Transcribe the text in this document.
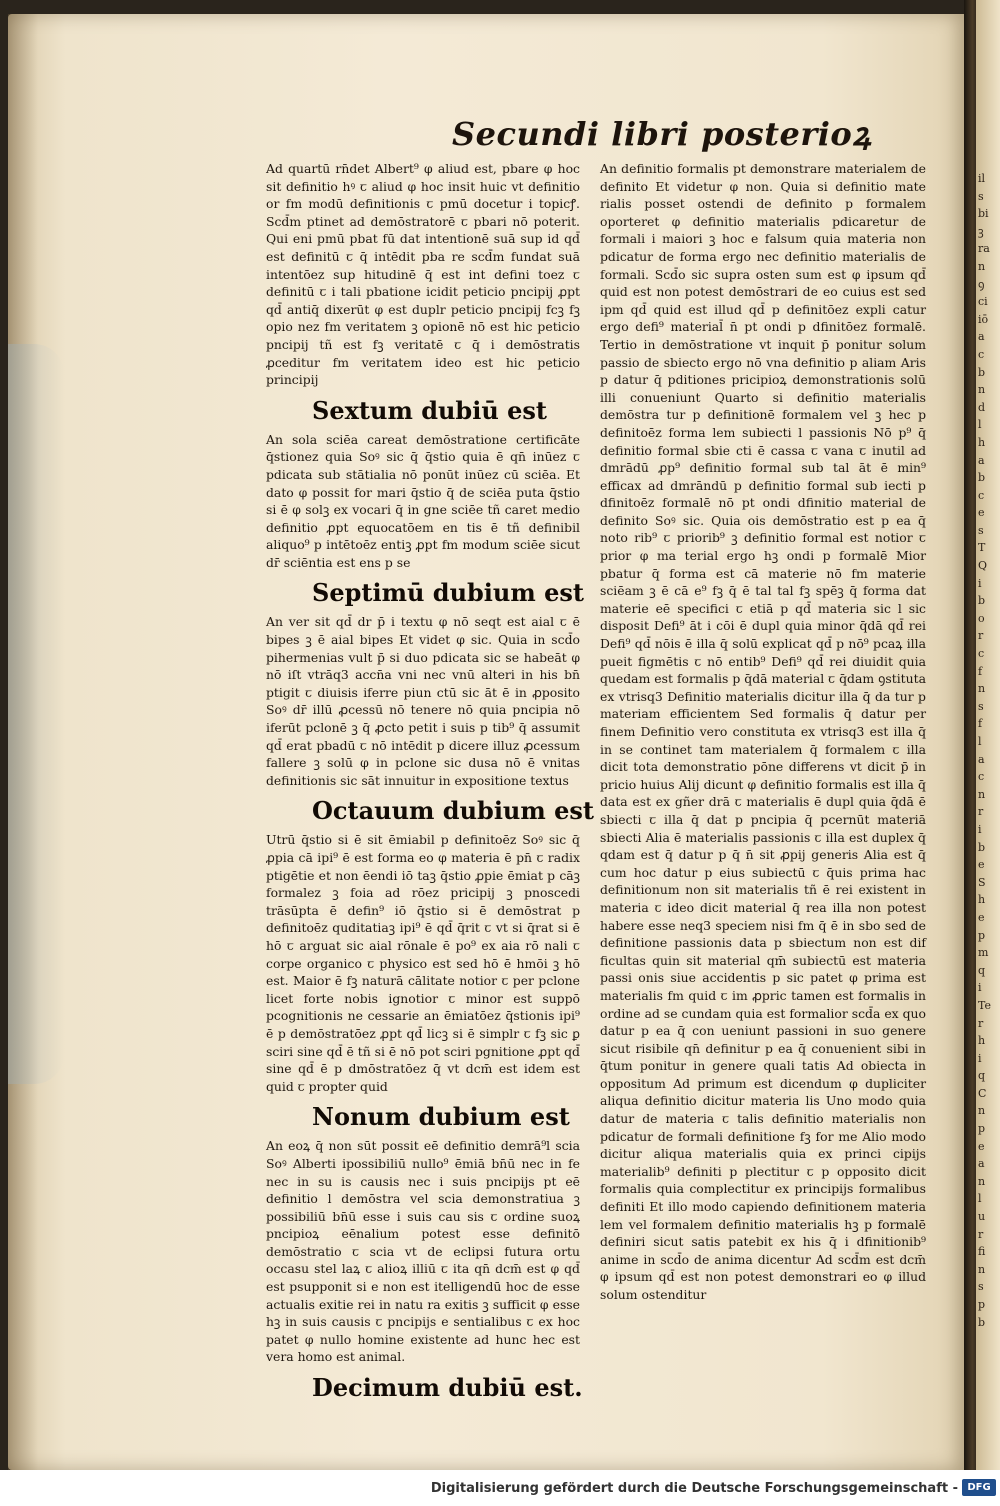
il
s
bi
ꝫ
ra
n
ꝯ
ci
iō
a
c
b
n
d
l
h
a
b
c
e
s
T
Q
i
b
o
r
c
f
n
s
f
l
a
c
n
r
i
b
e
S
h
e
p
m
q
i
Te
r
h
i
q
C
n
p
e
a
n
l
u
r
fi
n
s
p
b
Secundi libri posterioꝝ

Ad quartū rn̄det Albert⁹ φ aliud est, pbare φ hoc sit definitio hꝰ ꞇ aliud φ hoc insit huic vt definitio or fm modū definitionis ꞇ pmū docetur i topicꝭ. Scd̄m ptinet ad demōstratorē ꞇ pbari nō poterit. Qui eni pmū pbat fū dat intentionē suā sup id qd̄ est definitū ꞇ q̄ intēdit pba re scd̄m fundat suā intentōez sup hitudinē q̄ est int defini toez ꞇ definitū ꞇ i tali pbatione icidit peticio pncipij ꝓpt qd̄ antiq̄ dixerūt φ est duplr peticio pncipij fcꝫ fꝫ opio nez fm veritatem ꝫ opionē nō est hic peticio pncipij tñ est fꝫ veritatē ꞇ q̄ i demōstratis ꝓceditur fm veritatem ideo est hic peticio principij

Sextum dubiū est

An sola sciēa careat demōstratione certificāte q̄stionez quia Soꝰ sic q̄ q̄stio quia ē qn̄ inūez ꞇ pdicata sub stātialia nō ponūt inūez cū sciēa. Et dato φ possit for mari q̄stio q̄ de sciēa puta q̄stio si ē φ solꝫ ex vocari q̄ in gne sciēe tñ caret medio definitio ꝓpt equocatōem en tis ē tñ definibil aliquo⁹ p intētoēz entiꝫ ꝓpt fm modum sciēe sicut dr̄ sciēntia est ens p se

Septimū dubium est

An ver sit qd̄ dr p̄ i textu φ nō seqt est aial ꞇ ē bipes ꝫ ē aial bipes Et videt φ sic. Quia in scd̄o pihermenias vult p̄ si duo pdicata sic se habeāt φ nō iſt vtrāq3 accn̄a vni nec vnū alteri in his bn̄ ptigit ꞇ diuisis iferre piun ctū sic āt ē in ꝓposito Soꝰ dr̄ illū ꝓcessū nō tenere nō quia pncipia nō iferūt pclonē ꝫ q̄ ꝓcto petit i suis p tib⁹ q̄ assumit qd̄ erat pbadū ꞇ nō intēdit p dicere illuz ꝓcessum fallere ꝫ solū φ in pclone sic dusa nō ē vnitas definitionis sic sāt innuitur in expositione textus

Octauum dubium est

Utrū q̄stio si ē sit ēmiabil p definitoēz Soꝰ sic q̄ ꝓpia cā ipi⁹ ē est forma eo φ materia ē pn̄ ꞇ radix ptigētie et non ēendi iō taꝫ q̄stio ꝓpie ēmiat p cāꝫ formalez ꝫ foia ad rōez pricipij ꝫ pnoscedi trāsūpta ē defin⁹ iō q̄stio si ē demōstrat p definitoēz quditatiaꝫ ipi⁹ ē qd̄ q̄rit ꞇ vt si q̄rat si ē hō ꞇ arguat sic aial rōnale ē po⁹ ex aia rō nali ꞇ corpe organico ꞇ physico est sed hō ē hmōi ꝫ hō est. Maior ē fꝫ naturā cālitate notior ꞇ per pclone licet forte nobis ignotior ꞇ minor est suppō pcognitionis ne cessarie an ēmiatōez q̄stionis ipi⁹ ē p demōstratōez ꝓpt qd̄ licꝫ si ē simplr ꞇ fꝫ sic ꝑ sciri sine qd̄ ē tñ si ē nō pot sciri pgnitione ꝓpt qd̄ sine qd̄ ē p dmōstratōez q̄ vt dcm̄ est idem est quid ꞇ propter quid

Nonum dubium est

An eoꝝ q̄ non sūt possit eē definitio demrā⁹l scia Soꝰ Alberti ipossibiliū nullo⁹ ēmiā bn̄ū nec in fe nec in su is causis nec i suis pncipijs pt eē definitio l demōstra vel scia demonstratiua ꝫ possibiliū bn̄ū esse i suis cau sis ꞇ ordine suoꝝ pncipioꝝ eēnalium potest esse definitō demōstratio ꞇ scia vt de eclipsi futura ortu occasu stel laꝝ ꞇ alioꝝ illiū ꞇ ita qn̄ dcm̄ est φ qd̄ est psupponit si e non est itelligendū hoc de esse actualis exitie rei in natu ra exitis ꝫ sufficit φ esse hꝫ in suis causis ꞇ pncipijs e sentialibus ꞇ ex hoc patet φ nullo homine existente ad hunc hec est vera homo est animal.

Decimum dubiū est.

An definitio formalis pt demonstrare materialem de definito Et videtur φ non. Quia si definitio mate rialis posset ostendi de definito p formalem oporteret φ definitio materialis pdicaretur de formali i maiori ꝫ hoc e falsum quia materia non pdicatur de forma ergo nec definitio materialis de formali. Scd̄o sic supra osten sum est φ ipsum qd̄ quid est non potest demōstrari de eo cuius est sed ipm qd̄ quid est illud qd̄ p definitōez expli catur ergo defi⁹ material̄ n̄ pt ondi p dfinitōez formalē. Tertio in demōstratione vt inquit p̄ ponitur solum passio de sbiecto ergo nō vna definitio p aliam Aris p datur q̄ pditiones pricipioꝝ demonstrationis solū illi conueniunt Quarto si definitio materialis demōstra tur p definitionē formalem vel ꝫ hec p definitoēz forma lem subiecti l passionis Nō p⁹ q̄ definitio formal sbie cti ē cassa ꞇ vana ꞇ inutil ad dmrādū ꝓp⁹ definitio formal sub tal āt ē min⁹ efficax ad dmrāndū p definitio formal sub iecti p dfinitoēz formalē nō pt ondi dfinitio material de definito Soꝰ sic. Quia ois demōstratio est p ea q̄ noto rib⁹ ꞇ priorib⁹ ꝫ definitio formal est notior ꞇ prior φ ma terial ergo hꝫ ondi p formalē Mior pbatur q̄ forma est cā materie nō fm materie sciēam ꝫ ē cā e⁹ fꝫ q̄ ē tal tal fꝫ spēꝫ q̄ forma dat materie eē specifici ꞇ etiā p qd̄ materia sic l sic disposit Defi⁹ āt i cōi ē dupl quia minor q̄dā qd̄ rei Defi⁹ qd̄ nōis ē illa q̄ solū explicat qd̄ p nō⁹ pcaꝝ illa pueit figmētis ꞇ nō entib⁹ Defi⁹ qd̄ rei diuidit quia quedam est formalis p q̄dā material ꞇ q̄dam ꝯstituta ex vtrisq3 Definitio materialis dicitur illa q̄ da tur p materiam efficientem Sed formalis q̄ datur per finem Definitio vero constituta ex vtrisq3 est illa q̄ in se continet tam materialem q̄ formalem ꞇ illa dicit tota demonstratio pōne differens vt dicit p̄ in pricio huius Alij dicunt φ definitio formalis est illa q̄ data est ex gñer drā ꞇ materialis ē dupl quia q̄dā ē sbiecti ꞇ illa q̄ dat p pncipia q̄ pcernūt materiā sbiecti Alia ē materialis passionis ꞇ illa est duplex q̄ qdam est q̄ datur p q̄ n̄ sit ꝓpij generis Alia est q̄ cum hoc datur p eius subiectū ꞇ q̄uis prima hac definitionum non sit materialis tñ ē rei existent in materia ꞇ ideo dicit material q̄ rea illa non potest habere esse neq3 speciem nisi fm q̄ ē in sbo sed de definitione passionis data p sbiectum non est dif ficultas quin sit material qm̄ subiectū est materia passi onis siue accidentis p sic patet φ prima est materialis fm quid ꞇ im ꝓpric tamen est formalis in ordine ad se cundam quia est formalior scd̄a ex quo datur p ea q̄ con ueniunt passioni in suo genere sicut risibile qn̄ definitur p ea q̄ conuenient sibi in q̄tum ponitur in genere quali tatis Ad obiecta in oppositum Ad primum est dicendum φ dupliciter aliqua definitio dicitur materia lis Uno modo quia datur de materia ꞇ talis definitio materialis non pdicatur de formali definitione fꝫ for me Alio modo dicitur aliqua materialis quia ex princi cipijs materialib⁹ definiti p plectitur ꞇ p opposito dicit formalis quia complectitur ex principijs formalibus definiti Et illo modo capiendo definitionem materia lem vel formalem definitio materialis hꝫ p formalē definiri sicut satis patebit ex his q̄ i dfinitionib⁹ anime in scd̄o de anima dicentur Ad scd̄m est dcm̄ φ ipsum qd̄ est non potest demonstrari eo φ illud solum ostenditur

Digitalisierung gefördert durch die Deutsche Forschungsgemeinschaft - DFG
